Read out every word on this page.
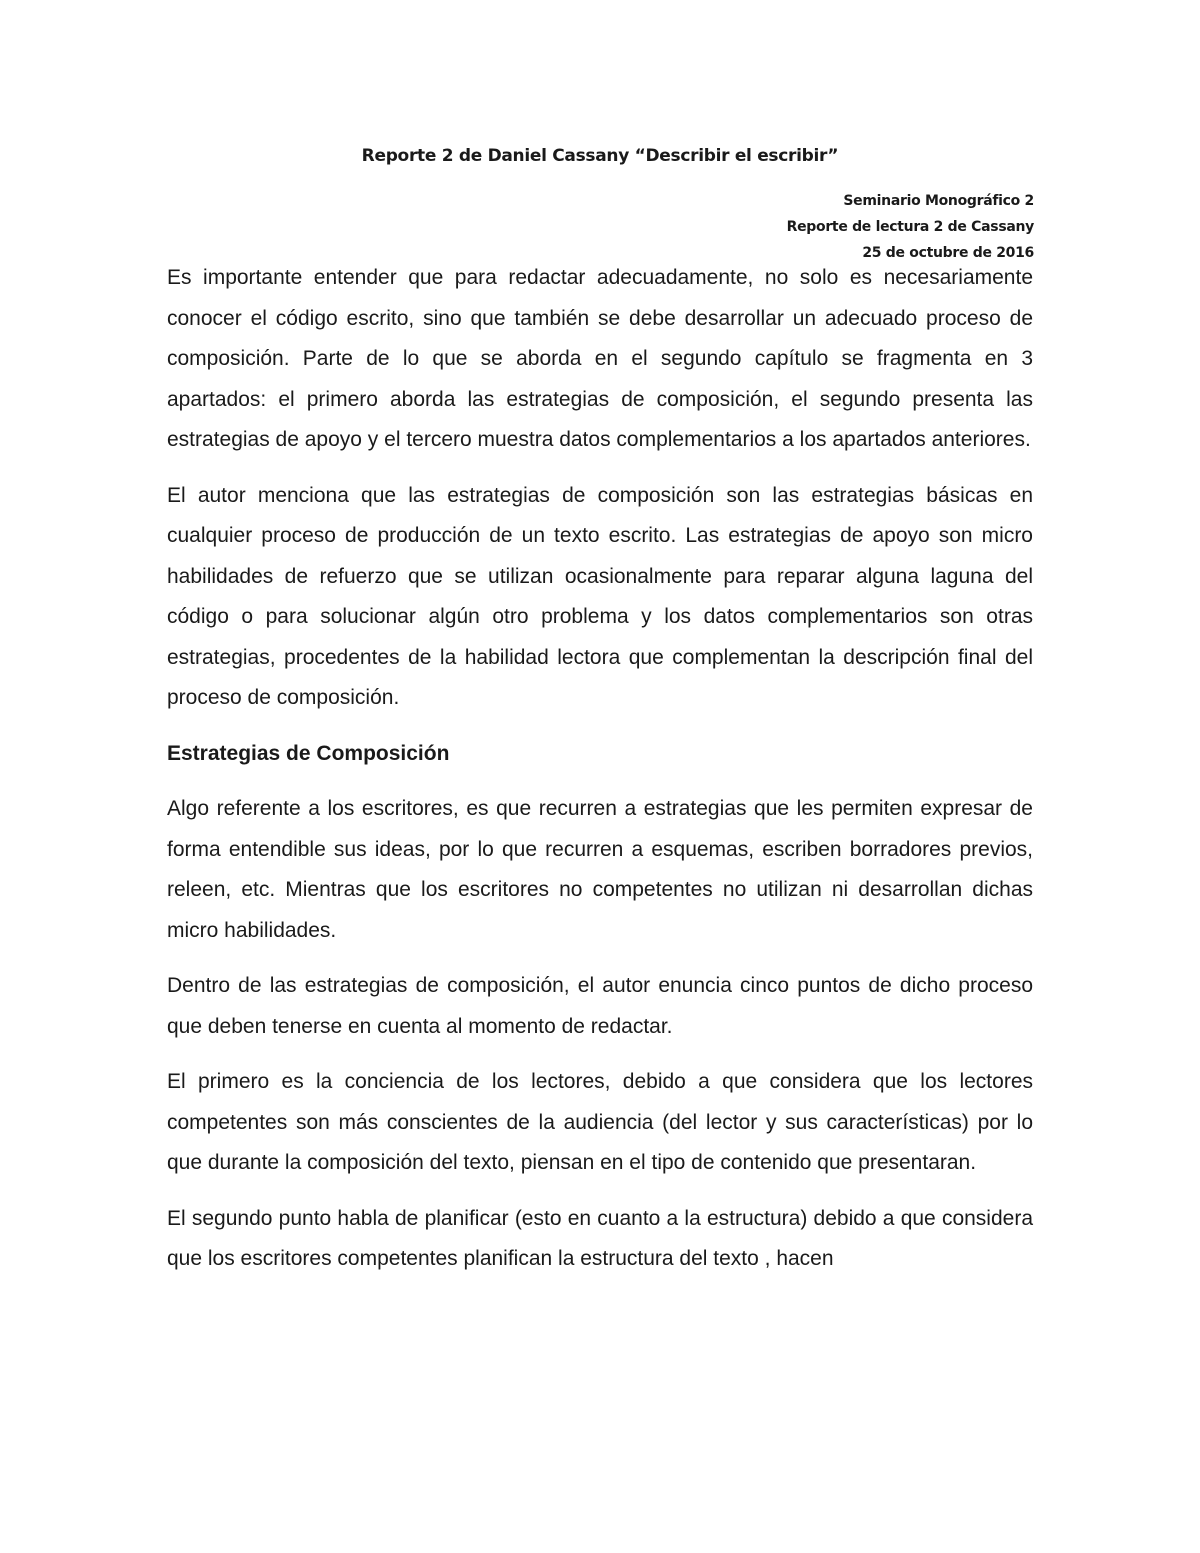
Reporte 2 de Daniel Cassany “Describir el escribir”
Seminario Monográfico 2
Reporte de lectura 2 de Cassany
25 de octubre de 2016

Es importante entender que para redactar adecuadamente, no solo es necesariamente conocer el código escrito, sino que también se debe desarrollar un adecuado proceso de composición. Parte de lo que se aborda en el segundo capítulo se fragmenta en 3 apartados: el primero aborda las estrategias de composición, el segundo presenta las estrategias de apoyo y el tercero muestra datos complementarios a los apartados anteriores.

El autor menciona que las estrategias de composición son las estrategias básicas en cualquier proceso de producción de un texto escrito. Las estrategias de apoyo son micro habilidades de refuerzo que se utilizan ocasionalmente para reparar alguna laguna del código o para solucionar algún otro problema y los datos complementarios son otras estrategias, procedentes de la habilidad lectora que complementan la descripción final del proceso de composición.

Estrategias de Composición

Algo referente a los escritores, es que recurren a estrategias que les permiten expresar de forma entendible sus ideas, por lo que recurren a esquemas, escriben borradores previos, releen, etc. Mientras que los escritores no competentes no utilizan ni desarrollan dichas micro habilidades.

Dentro de las estrategias de composición, el autor enuncia cinco puntos de dicho proceso que deben tenerse en cuenta al momento de redactar.

El primero es la conciencia de los lectores, debido a que considera que los lectores competentes son más conscientes de la audiencia (del lector y sus características) por lo que durante la composición del texto, piensan en el tipo de contenido que presentaran.

El segundo punto habla de planificar (esto en cuanto a la estructura) debido a que considera que los escritores competentes planifican la estructura del texto , hacen
